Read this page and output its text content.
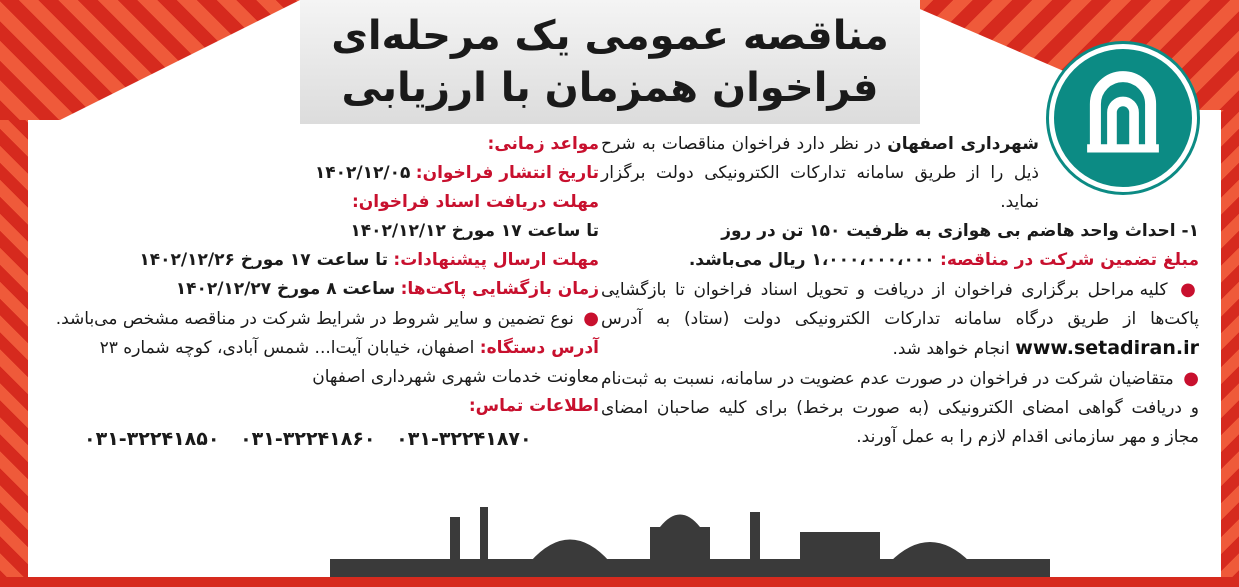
مناقصه عمومی یک مرحله‌ای
فراخوان همزمان با ارزیابی
شهرداری اصفهان در نظر دارد فراخوان مناقصات به شرح ذیل را از طریق سامانه تدارکات الکترونیکی دولت برگزار نماید.
۱- احداث واحد هاضم بی هوازی به ظرفیت ۱۵۰ تن در روز
مبلغ تضمین شرکت در مناقصه: ۱،۰۰۰،۰۰۰،۰۰۰ ریال می‌باشد.
● کلیه مراحل برگزاری فراخوان از دریافت و تحویل اسناد فراخوان تا بازگشایی پاکت‌ها از طریق درگاه سامانه تدارکات الکترونیکی دولت (ستاد) به آدرس www.setadiran.ir انجام خواهد شد.
● متقاضیان شرکت در فراخوان در صورت عدم عضویت در سامانه، نسبت به ثبت‌نام و دریافت گواهی امضای الکترونیکی (به صورت برخط) برای کلیه صاحبان امضای مجاز و مهر سازمانی اقدام لازم را به عمل آورند.
مواعد زمانی:
تاریخ انتشار فراخوان: ۱۴۰۲/۱۲/۰۵
مهلت دریافت اسناد فراخوان:
تا ساعت ۱۷ مورخ ۱۴۰۲/۱۲/۱۲
مهلت ارسال پیشنهادات: تا ساعت ۱۷ مورخ ۱۴۰۲/۱۲/۲۶
زمان بازگشایی پاکت‌ها: ساعت ۸ مورخ ۱۴۰۲/۱۲/۲۷
● نوع تضمین و سایر شروط در شرایط شرکت در مناقصه مشخص می‌باشد.
آدرس دستگاه: اصفهان، خیابان آیت‌ا... شمس آبادی، کوچه شماره ۲۳
معاونت خدمات شهری شهرداری اصفهان
اطلاعات تماس:
۰۳۱-۳۲۲۴۱۸۵۰ ۰۳۱-۳۲۲۴۱۸۶۰ ۰۳۱-۳۲۲۴۱۸۷۰
